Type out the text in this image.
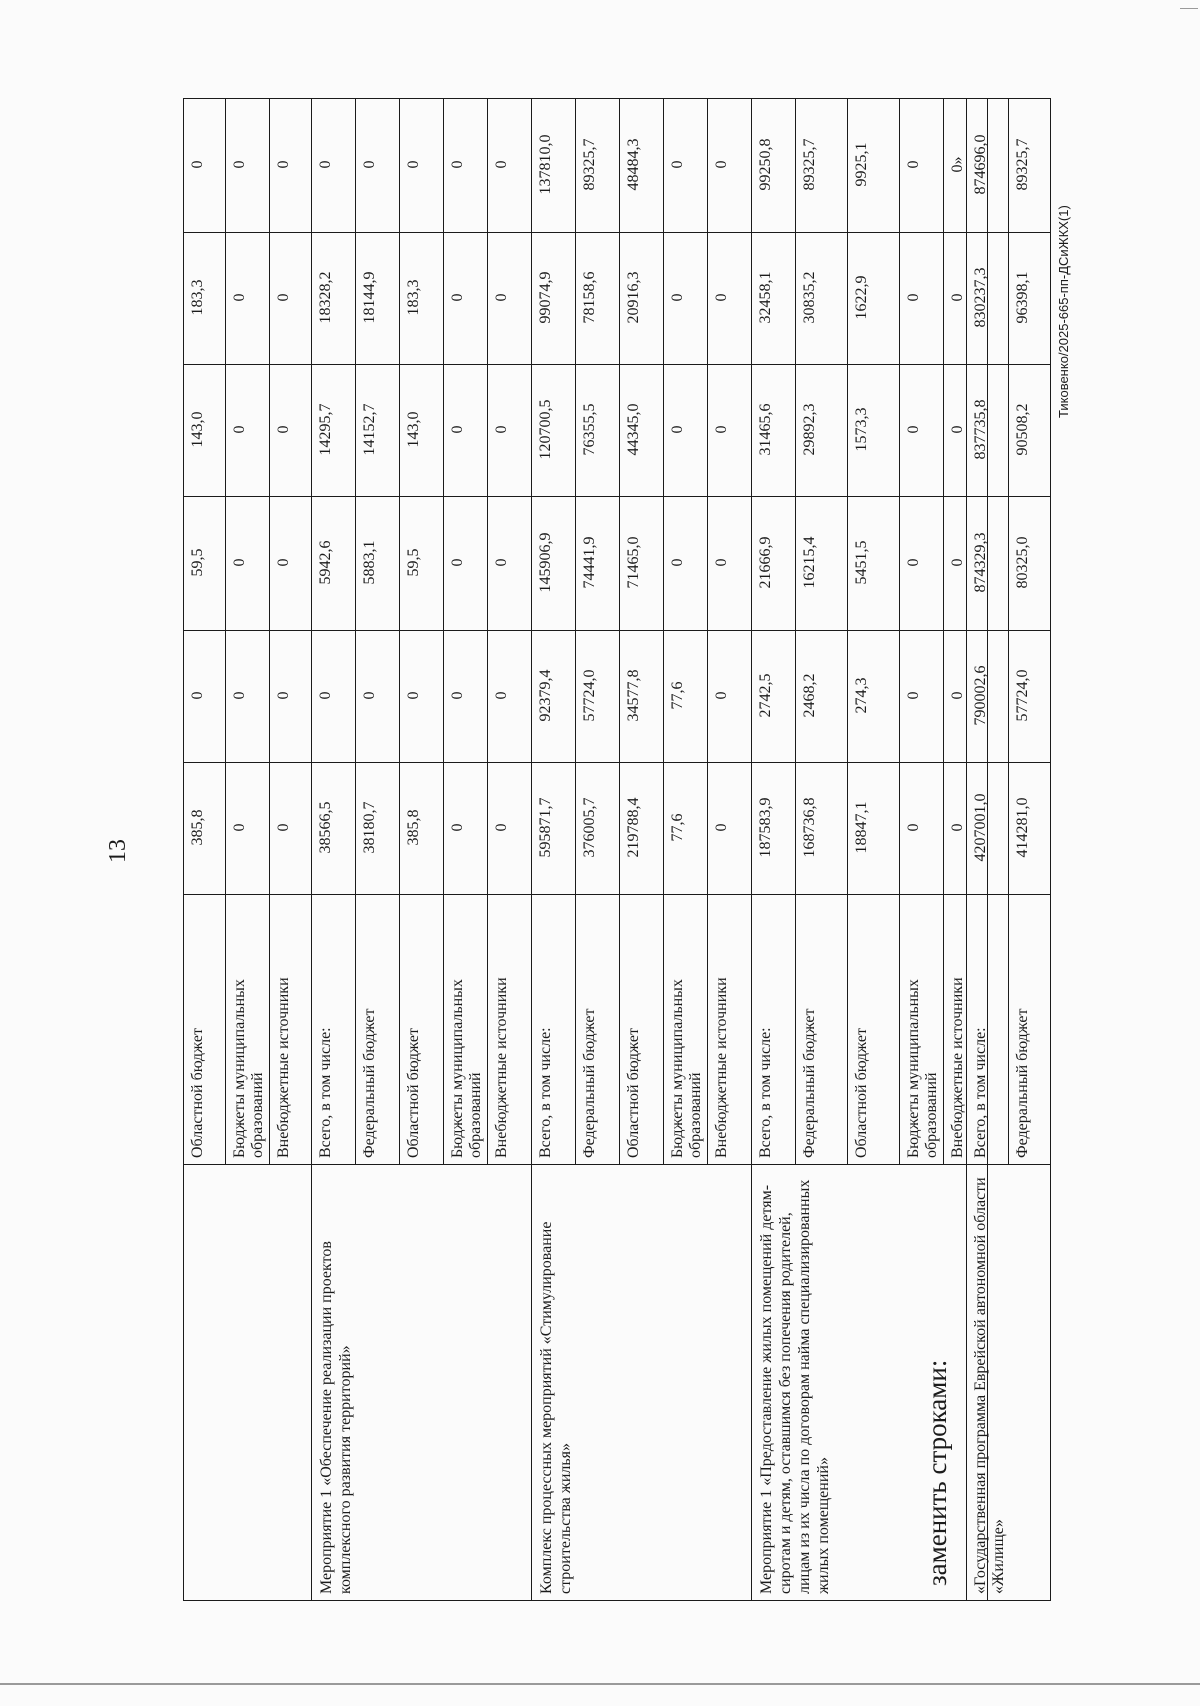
13
	Областной бюджет	385,8	0	59,5	143,0	183,3	0
	Бюджеты муниципальных образований	0	0	0	0	0	0
	Внебюджетные источники	0	0	0	0	0	0
Мероприятие 1 «Обеспечение реализации проектов комплексного развития территорий»	Всего, в том числе:	38566,5	0	5942,6	14295,7	18328,2	0
	Федеральный бюджет	38180,7	0	5883,1	14152,7	18144,9	0
	Областной бюджет	385,8	0	59,5	143,0	183,3	0
	Бюджеты муниципальных образований	0	0	0	0	0	0
	Внебюджетные источники	0	0	0	0	0	0
Комплекс процессных мероприятий «Стимулирование строительства жилья»	Всего, в том числе:	595871,7	92379,4	145906,9	120700,5	99074,9	137810,0
	Федеральный бюджет	376005,7	57724,0	74441,9	76355,5	78158,6	89325,7
	Областной бюджет	219788,4	34577,8	71465,0	44345,0	20916,3	48484,3
	Бюджеты муниципальных образований	77,6	77,6	0	0	0	0
	Внебюджетные источники	0	0	0	0	0	0
Мероприятие 1 «Предоставление жилых помещений детям-сиротам и детям, оставшимся без попечения родителей, лицам из их числа по договорам найма специализированных жилых помещений»	Всего, в том числе:	187583,9	2742,5	21666,9	31465,6	32458,1	99250,8
	Федеральный бюджет	168736,8	2468,2	16215,4	29892,3	30835,2	89325,7
	Областной бюджет	18847,1	274,3	5451,5	1573,3	1622,9	9925,1
	Бюджеты муниципальных образований	0	0	0	0	0	0
	Внебюджетные источники	0	0	0	0	0	0»
заменить строками: «Государственная программа Еврейской автономной области «Жилище»	Всего, в том числе:	4207001,0	790002,6	874329,3	837735,8	830237,3	874696,0
	Федеральный бюджет	414281,0	57724,0	80325,0	90508,2	96398,1	89325,7
Тиковенко/2025-665-пп-ДСиЖКХ(1)
